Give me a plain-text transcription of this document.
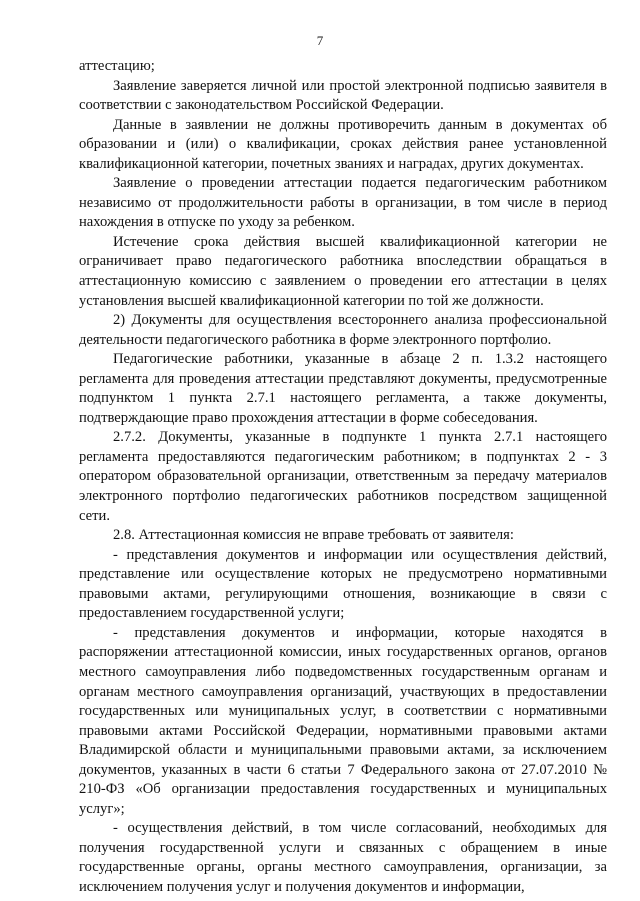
7

аттестацию;

Заявление заверяется личной или простой электронной подписью заявителя в соответствии с законодательством Российской Федерации.

Данные в заявлении не должны противоречить данным в документах об образовании и (или) о квалификации, сроках действия ранее установленной квалификационной категории, почетных званиях и наградах, других документах.

Заявление о проведении аттестации подается педагогическим работником независимо от продолжительности работы в организации, в том числе в период нахождения в отпуске по уходу за ребенком.

Истечение срока действия высшей квалификационной категории не ограничивает право педагогического работника впоследствии обращаться в аттестационную комиссию с заявлением о проведении его аттестации в целях установления высшей квалификационной категории по той же должности.

2) Документы для осуществления всестороннего анализа профессиональной деятельности педагогического работника в форме электронного портфолио.

Педагогические работники, указанные в абзаце 2 п. 1.3.2 настоящего регламента для проведения аттестации представляют документы, предусмотренные подпунктом 1 пункта 2.7.1 настоящего регламента, а также документы, подтверждающие право прохождения аттестации в форме собеседования.

2.7.2. Документы, указанные в подпункте 1 пункта 2.7.1 настоящего регламента предоставляются педагогическим работником; в подпунктах 2 - 3 оператором образовательной организации, ответственным за передачу материалов электронного портфолио педагогических работников посредством защищенной сети.

2.8. Аттестационная комиссия не вправе требовать от заявителя:

- представления документов и информации или осуществления действий, представление или осуществление которых не предусмотрено нормативными правовыми актами, регулирующими отношения, возникающие в связи с предоставлением государственной услуги;

- представления документов и информации, которые находятся в распоряжении аттестационной комиссии, иных государственных органов, органов местного самоуправления либо подведомственных государственным органам и органам местного самоуправления организаций, участвующих в предоставлении государственных или муниципальных услуг, в соответствии с нормативными правовыми актами Российской Федерации, нормативными правовыми актами Владимирской области и муниципальными правовыми актами, за исключением документов, указанных в части 6 статьи 7 Федерального закона от 27.07.2010 № 210-ФЗ «Об организации предоставления государственных и муниципальных услуг»;

- осуществления действий, в том числе согласований, необходимых для получения государственной услуги и связанных с обращением в иные государственные органы, органы местного самоуправления, организации, за исключением получения услуг и получения документов и информации,
